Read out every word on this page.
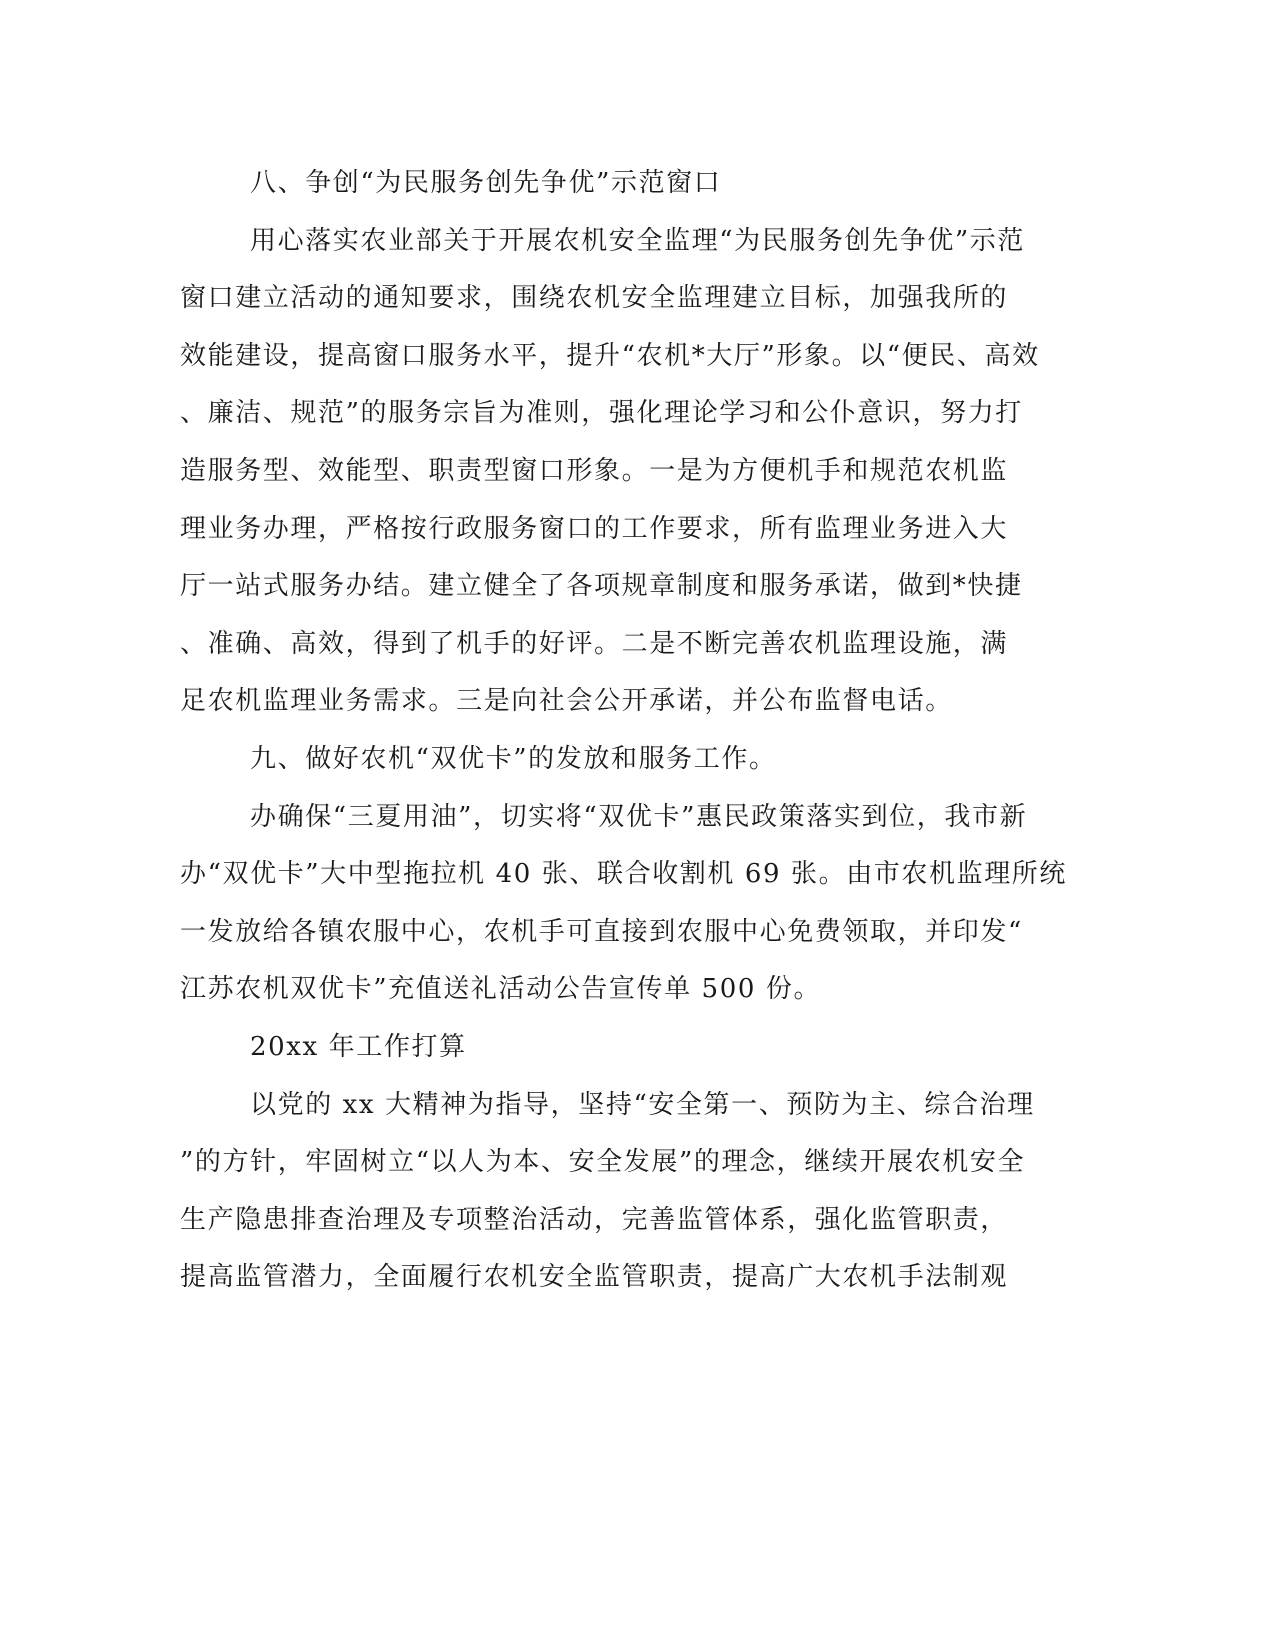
八、争创“为民服务创先争优”示范窗口
用心落实农业部关于开展农机安全监理“为民服务创先争优”示范
窗口建立活动的通知要求，围绕农机安全监理建立目标，加强我所的
效能建设，提高窗口服务水平，提升“农机*大厅”形象。以“便民、高效
、廉洁、规范”的服务宗旨为准则，强化理论学习和公仆意识，努力打
造服务型、效能型、职责型窗口形象。一是为方便机手和规范农机监
理业务办理，严格按行政服务窗口的工作要求，所有监理业务进入大
厅一站式服务办结。建立健全了各项规章制度和服务承诺，做到*快捷
、准确、高效，得到了机手的好评。二是不断完善农机监理设施，满
足农机监理业务需求。三是向社会公开承诺，并公布监督电话。
九、做好农机“双优卡”的发放和服务工作。
办确保“三夏用油”，切实将“双优卡”惠民政策落实到位，我市新
办“双优卡”大中型拖拉机 40 张、联合收割机 69 张。由市农机监理所统
一发放给各镇农服中心，农机手可直接到农服中心免费领取，并印发“
江苏农机双优卡”充值送礼活动公告宣传单 500 份。
20xx 年工作打算
以党的 xx 大精神为指导，坚持“安全第一、预防为主、综合治理
”的方针，牢固树立“以人为本、安全发展”的理念，继续开展农机安全
生产隐患排查治理及专项整治活动，完善监管体系，强化监管职责，
提高监管潜力，全面履行农机安全监管职责，提高广大农机手法制观
